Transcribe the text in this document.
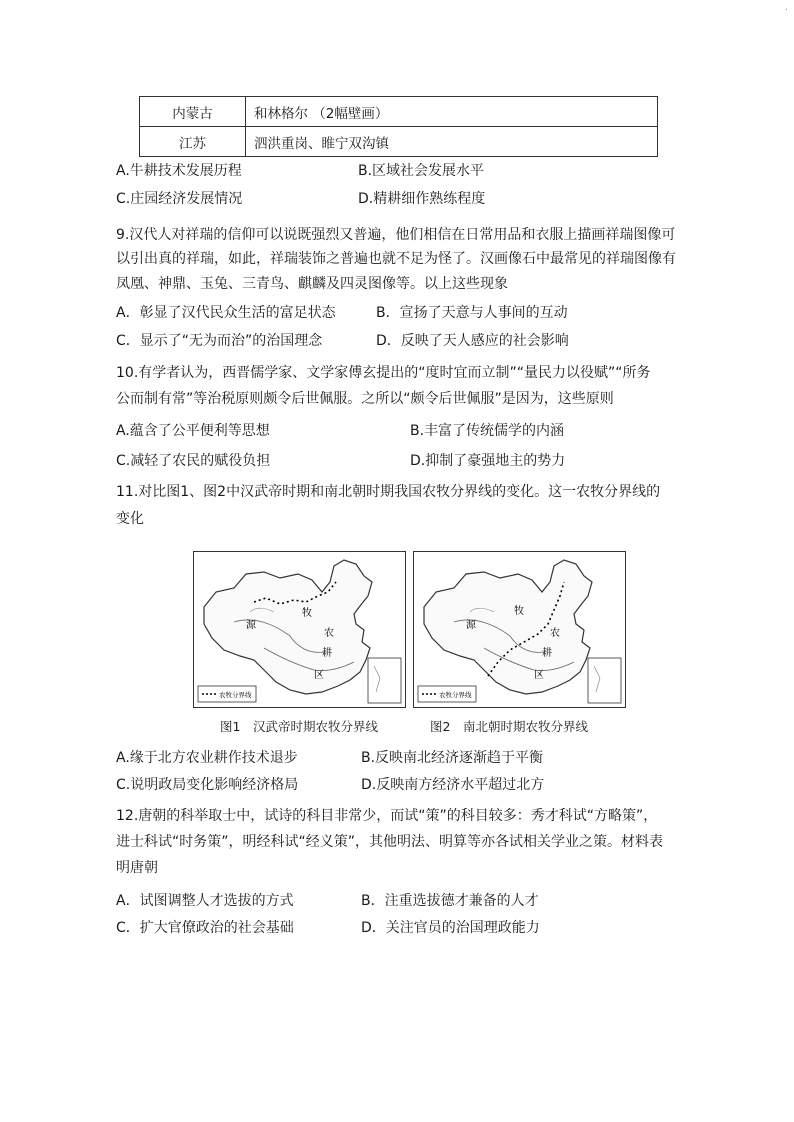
·
内蒙古	和林格尔 （2幅壁画）
江苏	泗洪重岗、睢宁双沟镇
A.牛耕技术发展历程	B.区域社会发展水平
C.庄园经济发展情况	D.精耕细作熟练程度
9.汉代人对祥瑞的信仰可以说既强烈又普遍，他们相信在日常用品和衣服上描画祥瑞图像可
以引出真的祥瑞，如此，祥瑞装饰之普遍也就不足为怪了。汉画像石中最常见的祥瑞图像有
凤凰、神鼎、玉兔、三青鸟、麒麟及四灵图像等。以上这些现象
A．彰显了汉代民众生活的富足状态	B．宣扬了天意与人事间的互动
C．显示了“无为而治”的治国理念	D．反映了天人感应的社会影响
10.有学者认为，西晋儒学家、文学家傅玄提出的“度时宜而立制”“量民力以役赋”“所务
公而制有常”等治税原则颇令后世佩服。之所以“颇令后世佩服”是因为，这些原则
A.蕴含了公平便利等思想	B.丰富了传统儒学的内涵
C.减轻了农民的赋役负担	D.抑制了豪强地主的势力
11.对比图1、图2中汉武帝时期和南北朝时期我国农牧分界线的变化。这一农牧分界线的
变化
牧
源
农
耕
区
农牧分界线
图1　汉武帝时期农牧分界线
牧
源
农
耕
区
农牧分界线
图2　南北朝时期农牧分界线
A.缘于北方农业耕作技术退步	B.反映南北经济逐渐趋于平衡
C.说明政局变化影响经济格局	D.反映南方经济水平超过北方
12.唐朝的科举取士中，试诗的科目非常少，而试“策”的科目较多：秀才科试“方略策”，
进士科试“时务策”，明经科试“经义策”，其他明法、明算等亦各试相关学业之策。材料表
明唐朝
A．试图调整人才选拔的方式	B．注重选拔德才兼备的人才
C．扩大官僚政治的社会基础	D．关注官员的治国理政能力
